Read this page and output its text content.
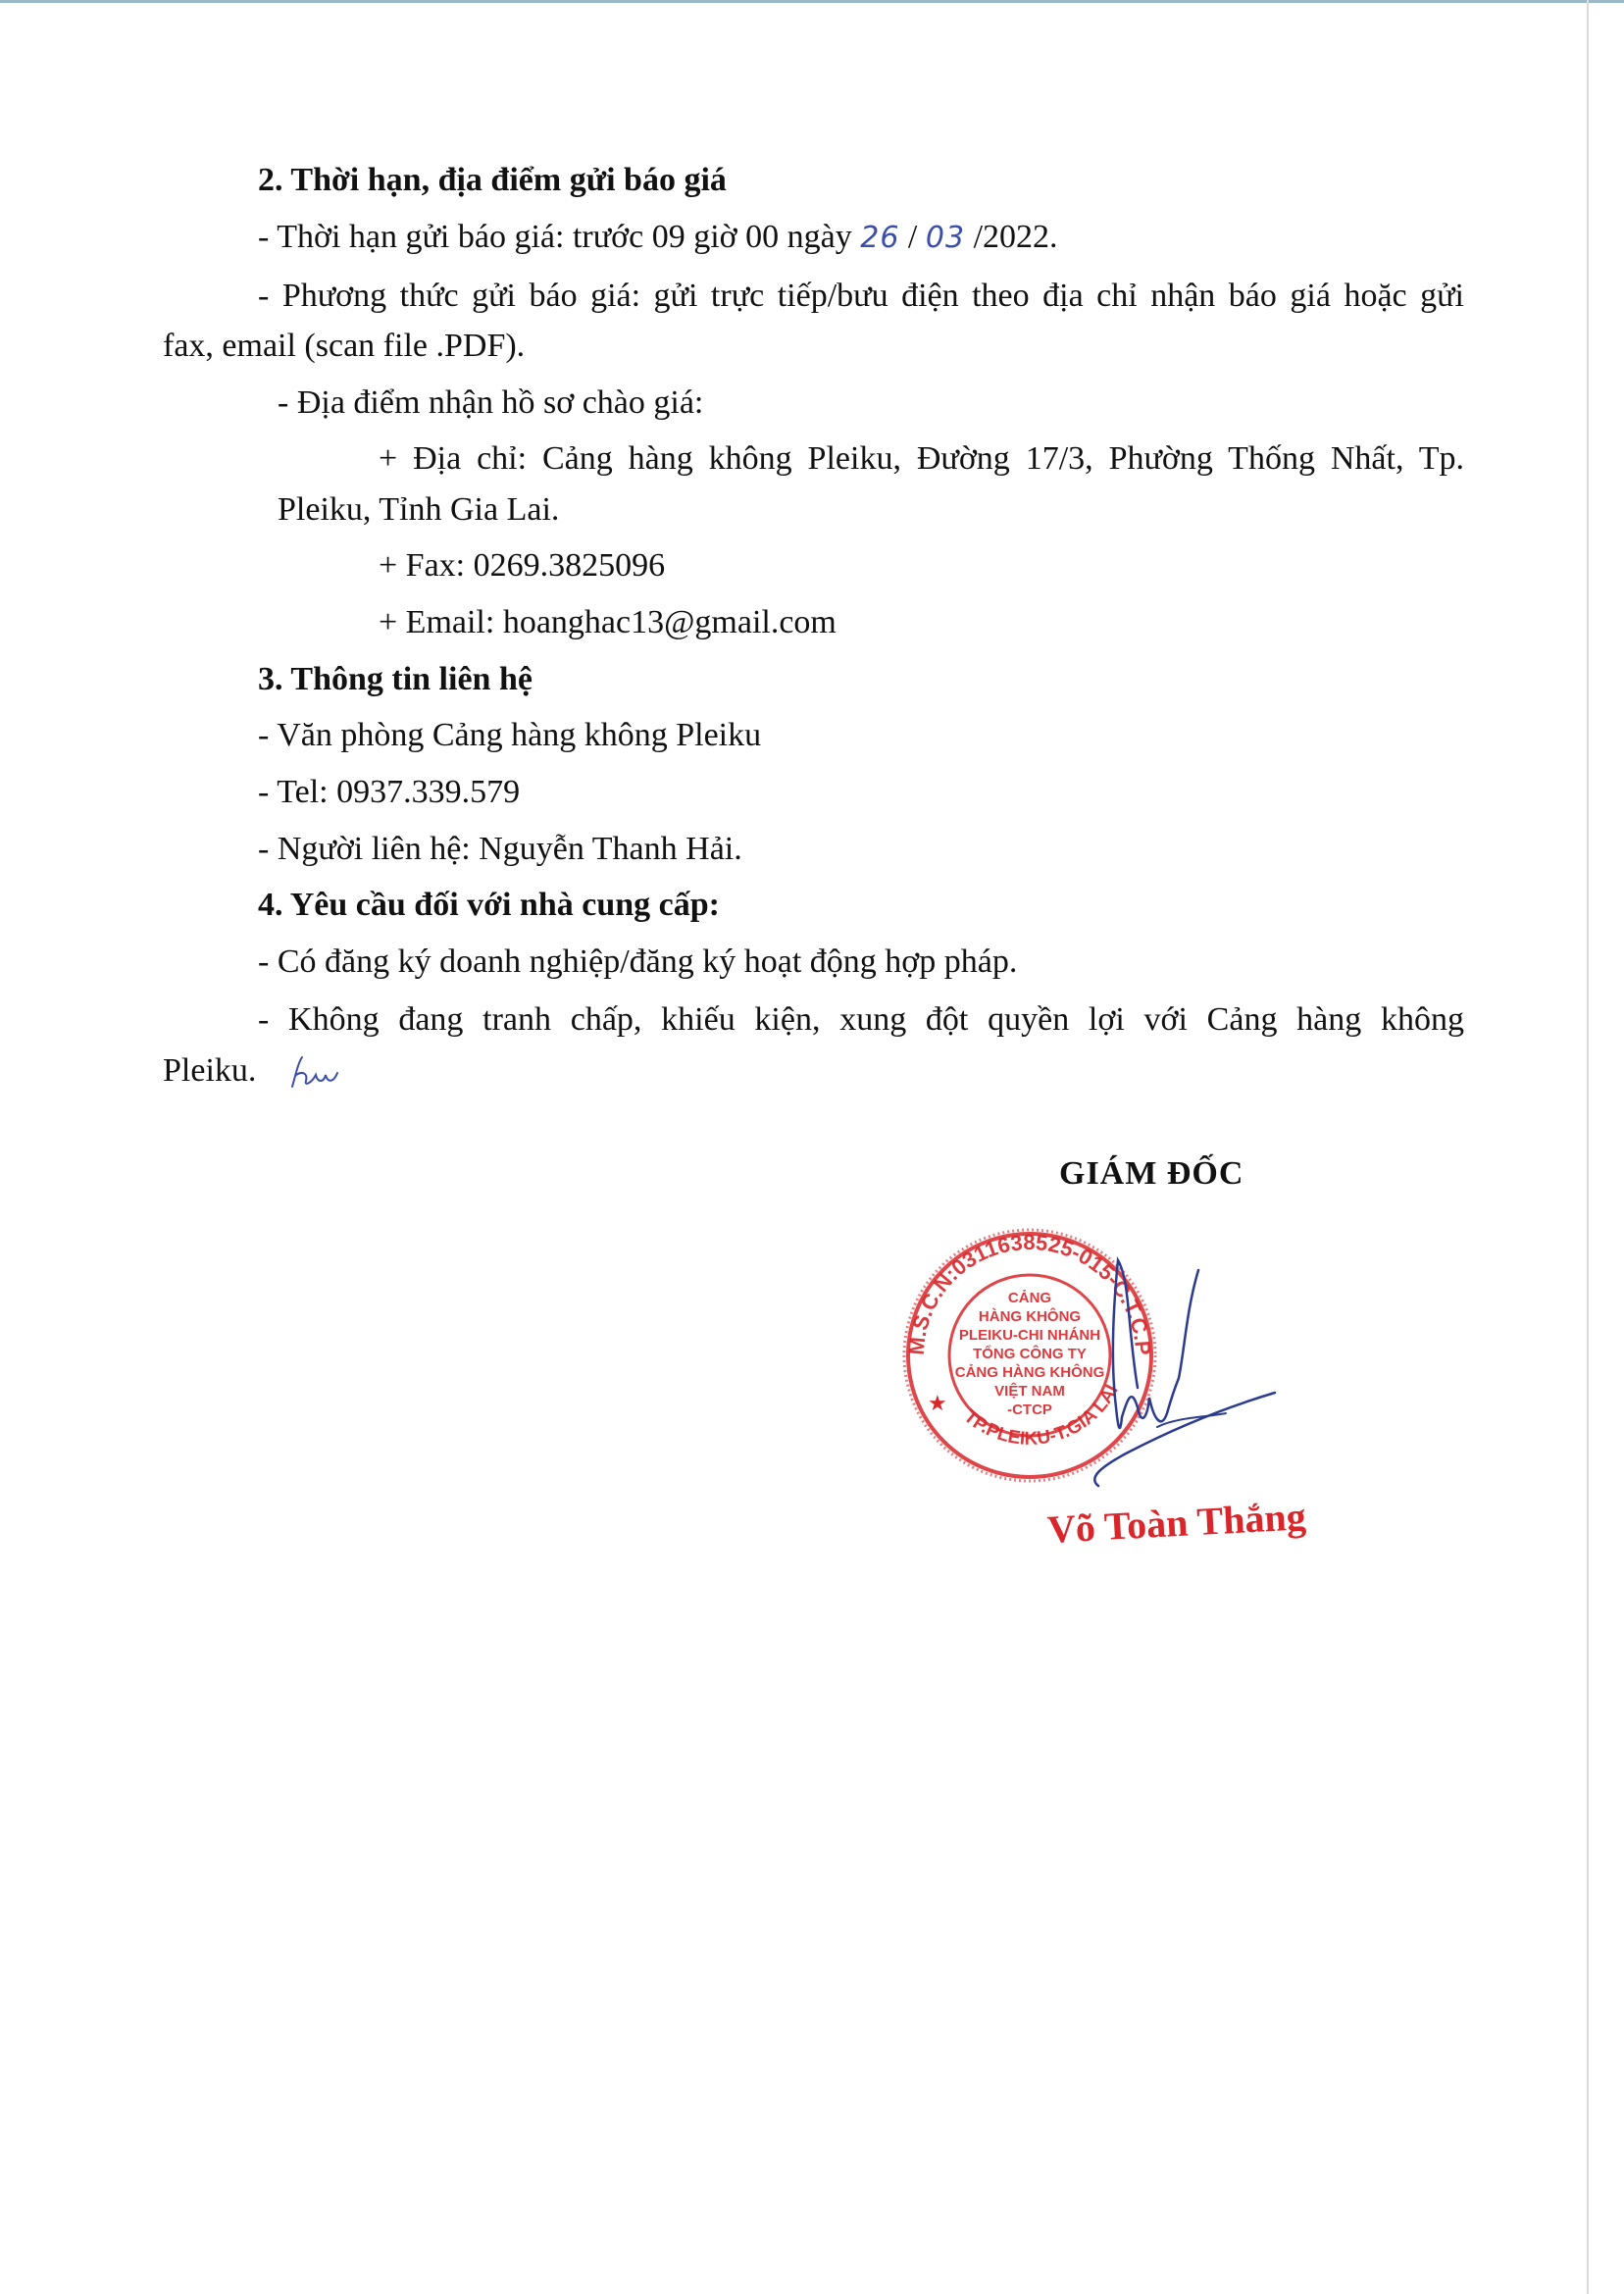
2. Thời hạn, địa điểm gửi báo giá
- Thời hạn gửi báo giá: trước 09 giờ 00 ngày 26 / 03 /2022.
- Phương thức gửi báo giá: gửi trực tiếp/bưu điện theo địa chỉ nhận báo giá hoặc gửi
fax, email (scan file .PDF).
- Địa điểm nhận hồ sơ chào giá:
+ Địa chỉ: Cảng hàng không Pleiku, Đường 17/3, Phường Thống Nhất, Tp.
Pleiku, Tỉnh Gia Lai.
+ Fax: 0269.3825096
+ Email: hoanghac13@gmail.com
3. Thông tin liên hệ
- Văn phòng Cảng hàng không Pleiku
- Tel: 0937.339.579
- Người liên hệ: Nguyễn Thanh Hải.
4. Yêu cầu đối với nhà cung cấp:
- Có đăng ký doanh nghiệp/đăng ký hoạt động hợp pháp.
- Không đang tranh chấp, khiếu kiện, xung đột quyền lợi với Cảng hàng không
Pleiku.
GIÁM ĐỐC
M.S.C.N:0311638525-015-C.T.C.P
TP.PLEIKU-T.GIA LAI
★
CẢNG
HÀNG KHÔNG
PLEIKU-CHI NHÁNH
TỔNG CÔNG TY
CẢNG HÀNG KHÔNG
VIỆT NAM
-CTCP
Võ Toàn Thắng
